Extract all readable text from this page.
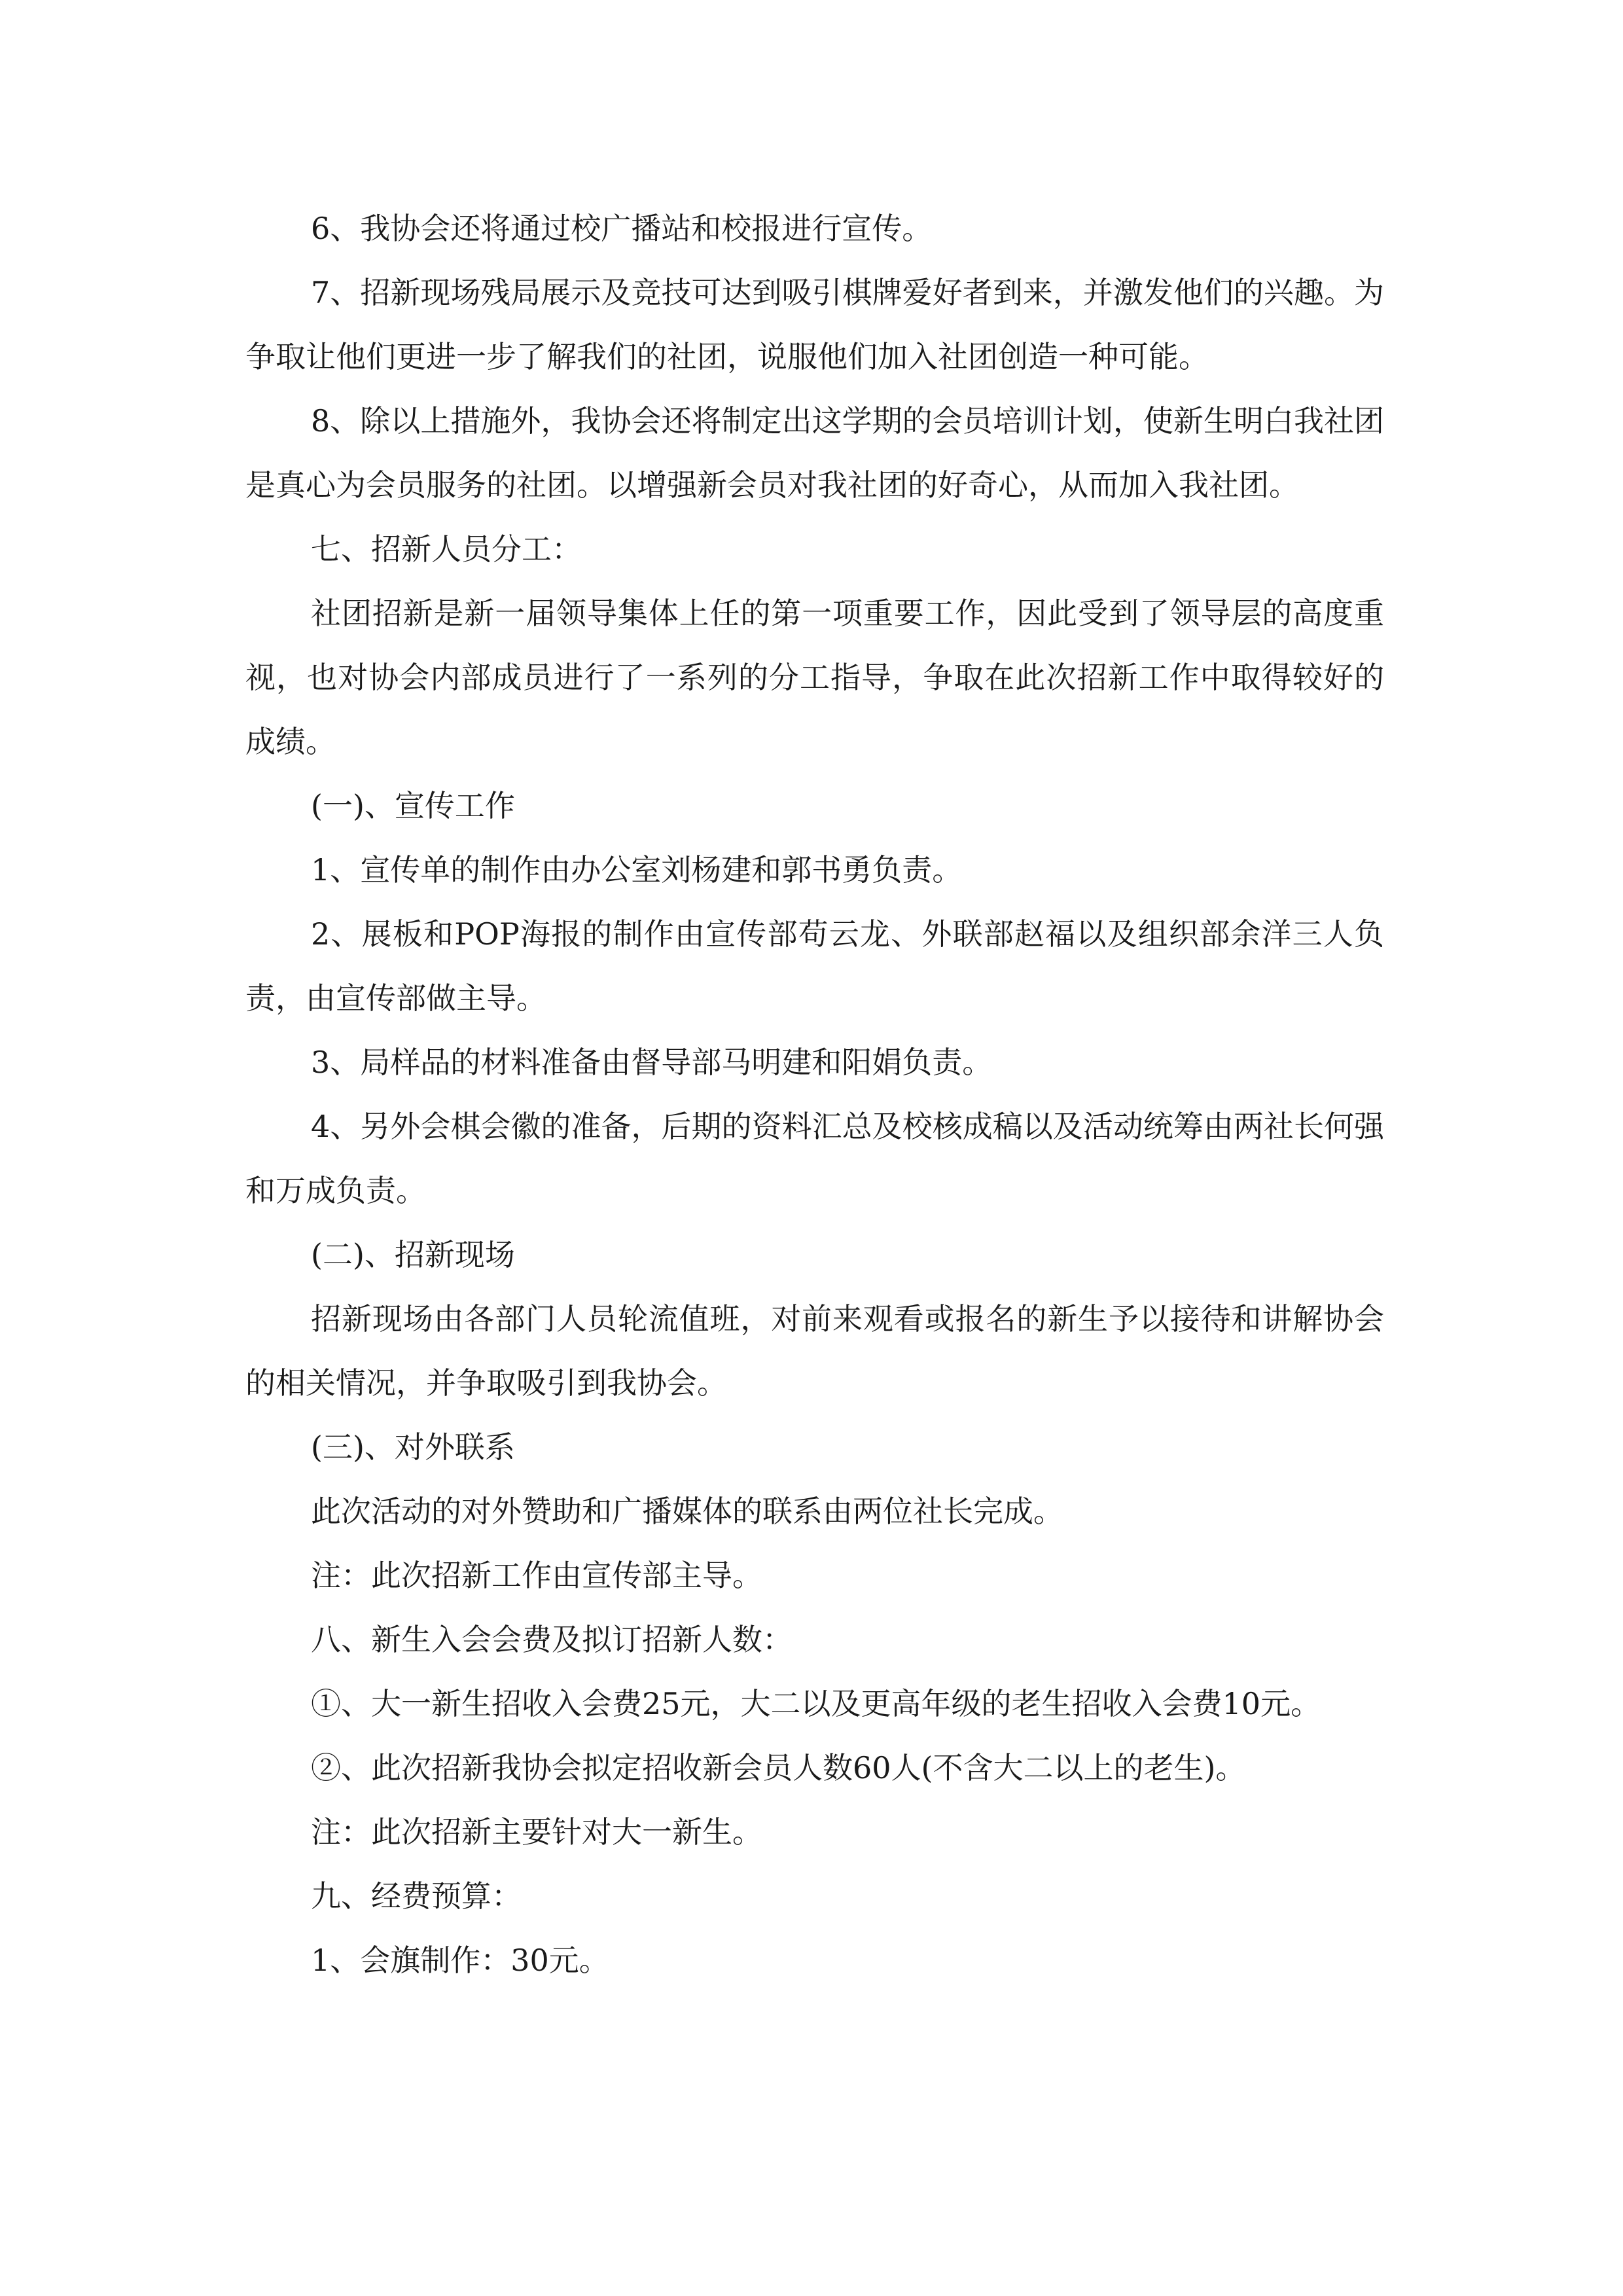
6、我协会还将通过校广播站和校报进行宣传。

7、招新现场残局展示及竞技可达到吸引棋牌爱好者到来，并激发他们的兴趣。为争取让他们更进一步了解我们的社团，说服他们加入社团创造一种可能。

8、除以上措施外，我协会还将制定出这学期的会员培训计划，使新生明白我社团是真心为会员服务的社团。以增强新会员对我社团的好奇心，从而加入我社团。

七、招新人员分工：

社团招新是新一届领导集体上任的第一项重要工作，因此受到了领导层的高度重视，也对协会内部成员进行了一系列的分工指导，争取在此次招新工作中取得较好的成绩。

(一)、宣传工作

1、宣传单的制作由办公室刘杨建和郭书勇负责。

2、展板和POP海报的制作由宣传部苟云龙、外联部赵福以及组织部余洋三人负责，由宣传部做主导。

3、局样品的材料准备由督导部马明建和阳娟负责。

4、另外会棋会徽的准备，后期的资料汇总及校核成稿以及活动统筹由两社长何强和万成负责。

(二)、招新现场

招新现场由各部门人员轮流值班，对前来观看或报名的新生予以接待和讲解协会的相关情况，并争取吸引到我协会。

(三)、对外联系

此次活动的对外赞助和广播媒体的联系由两位社长完成。

注：此次招新工作由宣传部主导。

八、新生入会会费及拟订招新人数：

①、大一新生招收入会费25元，大二以及更高年级的老生招收入会费10元。

②、此次招新我协会拟定招收新会员人数60人(不含大二以上的老生)。

注：此次招新主要针对大一新生。

九、经费预算：

1、会旗制作：30元。
